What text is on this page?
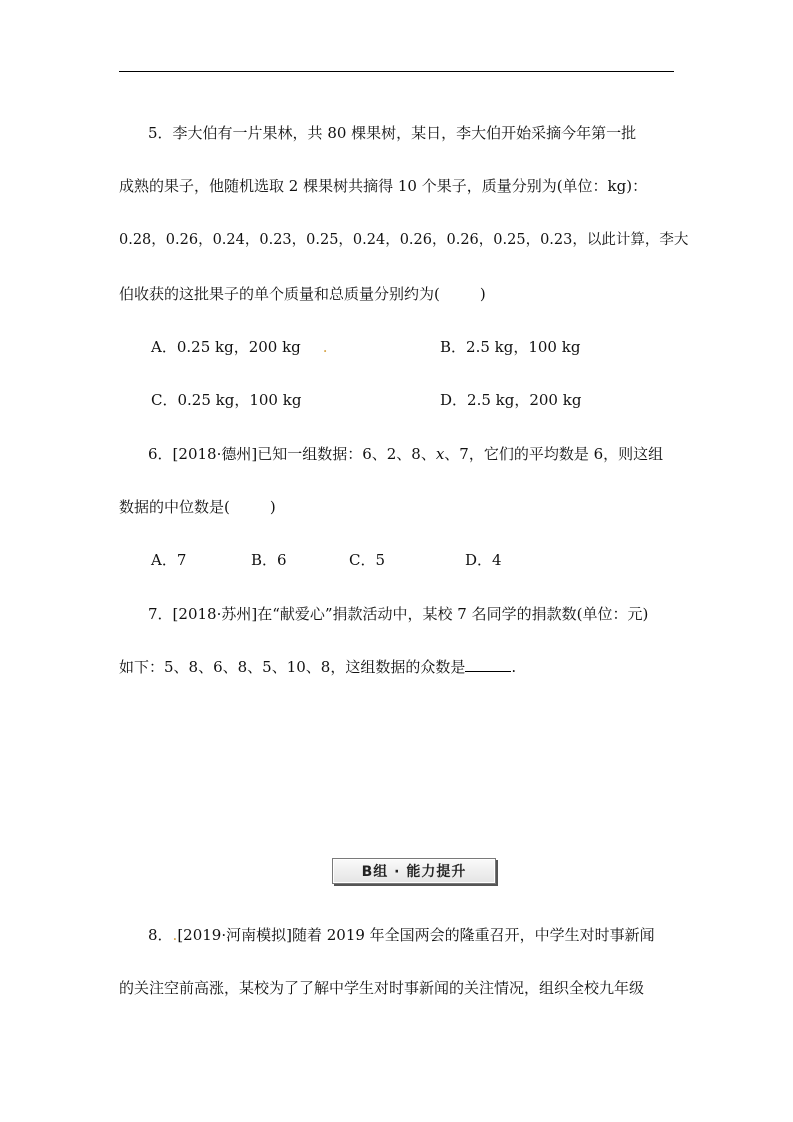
5．李大伯有一片果林，共 80 棵果树，某日，李大伯开始采摘今年第一批
成熟的果子，他随机选取 2 棵果树共摘得 10 个果子，质量分别为(单位：kg)：
0.28，0.26，0.24，0.23，0.25，0.24，0.26，0.26，0.25，0.23，以此计算，李大
伯收获的这批果子的单个质量和总质量分别约为(	)
A．0.25 kg，200 kg .	B．2.5 kg，100 kg
C．0.25 kg，100 kg	D．2.5 kg，200 kg
6．[2018·德州]已知一组数据：6、2、8、x、7，它们的平均数是 6，则这组
数据的中位数是(	)
A．7	B．6	C．5	D．4
7．[2018·苏州]在“献爱心”捐款活动中，某校 7 名同学的捐款数(单位：元)
如下：5、8、6、8、5、10、8，这组数据的众数是	.
B组 · 能力提升
8．.[2019·河南模拟]随着 2019 年全国两会的隆重召开，中学生对时事新闻
的关注空前高涨，某校为了了解中学生对时事新闻的关注情况，组织全校九年级
